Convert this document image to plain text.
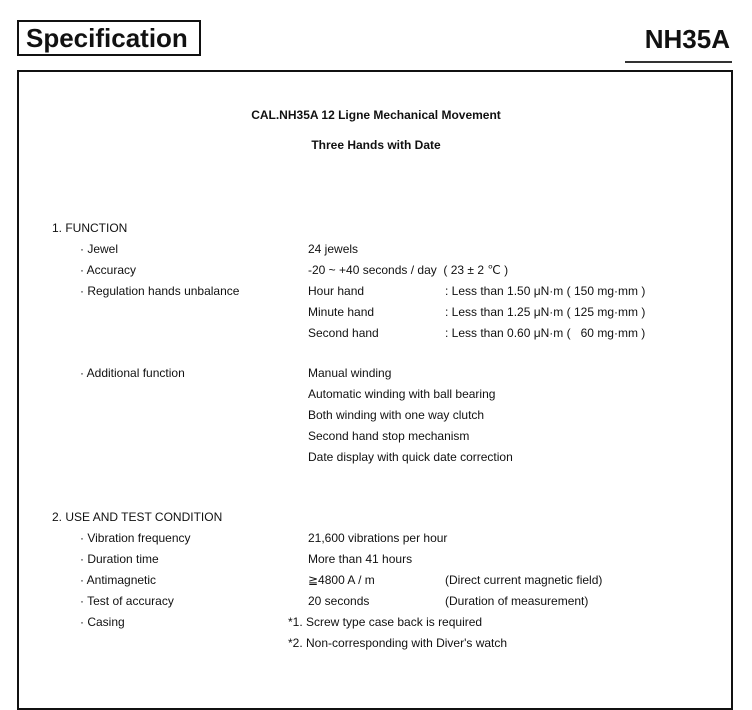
Specification	NH35A
CAL.NH35A 12 Ligne Mechanical Movement
Three Hands with Date
1. FUNCTION
· Jewel	24 jewels
· Accuracy	-20 ~ +40 seconds / day  ( 23 ± 2 ℃ )
· Regulation hands unbalance	Hour hand	: Less than 1.50 μN·m ( 150 mg·mm )
Minute hand	: Less than 1.25 μN·m ( 125 mg·mm )
Second hand	: Less than 0.60 μN·m (   60 mg·mm )
· Additional function	Manual winding
Automatic winding with ball bearing
Both winding with one way clutch
Second hand stop mechanism
Date display with quick date correction
2. USE AND TEST CONDITION
· Vibration frequency	21,600 vibrations per hour
· Duration time	More than 41 hours
· Antimagnetic	≧4800 A / m	(Direct current magnetic field)
· Test of accuracy	20 seconds	(Duration of measurement)
· Casing	*1. Screw type case back is required
*2. Non-corresponding with Diver's watch
